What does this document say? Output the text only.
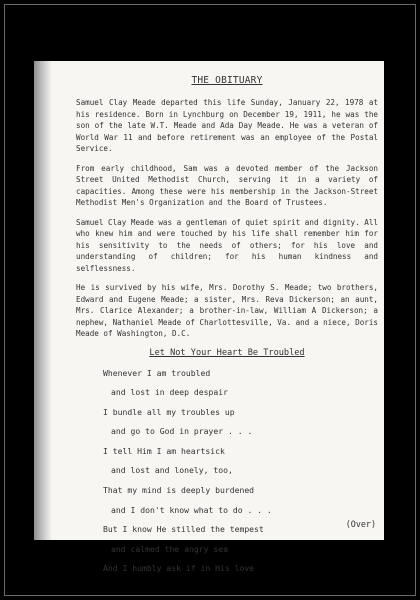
THE OBITUARY

Samuel Clay Meade departed this life Sunday, January 22, 1978 at his residence. Born in Lynchburg on December 19, 1911, he was the son of the late W.T. Meade and Ada Day Meade. He was a veteran of World War 11 and before retirement was an employee of the Postal Service.

From early childhood, Sam was a devoted member of the Jackson Street United Methodist Church, serving it in a variety of capacities. Among these were his membership in the Jackson-Street Methodist Men's Organization and the Board of Trustees.

Samuel Clay Meade was a gentleman of quiet spirit and dignity. All who knew him and were touched by his life shall remember him for his sensitivity to the needs of others; for his love and understanding of children; for his human kindness and selflessness.

He is survived by his wife, Mrs. Dorothy S. Meade; two brothers, Edward and Eugene Meade; a sister, Mrs. Reva Dickerson; an aunt, Mrs. Clarice Alexander; a brother-in-law, William A Dickerson; a nephew, Nathaniel Meade of Charlottesville, Va. and a niece, Doris Meade of Washington, D.C.

Let Not Your Heart Be Troubled
Whenever I am troubled
and lost in deep despair
I bundle all my troubles up
and go to God in prayer . . .
I tell Him I am heartsick
and lost and lonely, too,
That my mind is deeply burdened
and I don't know what to do . . .
But I know He stilled the tempest
and calmed the angry sea
And I humbly ask if in His love
(Over)
